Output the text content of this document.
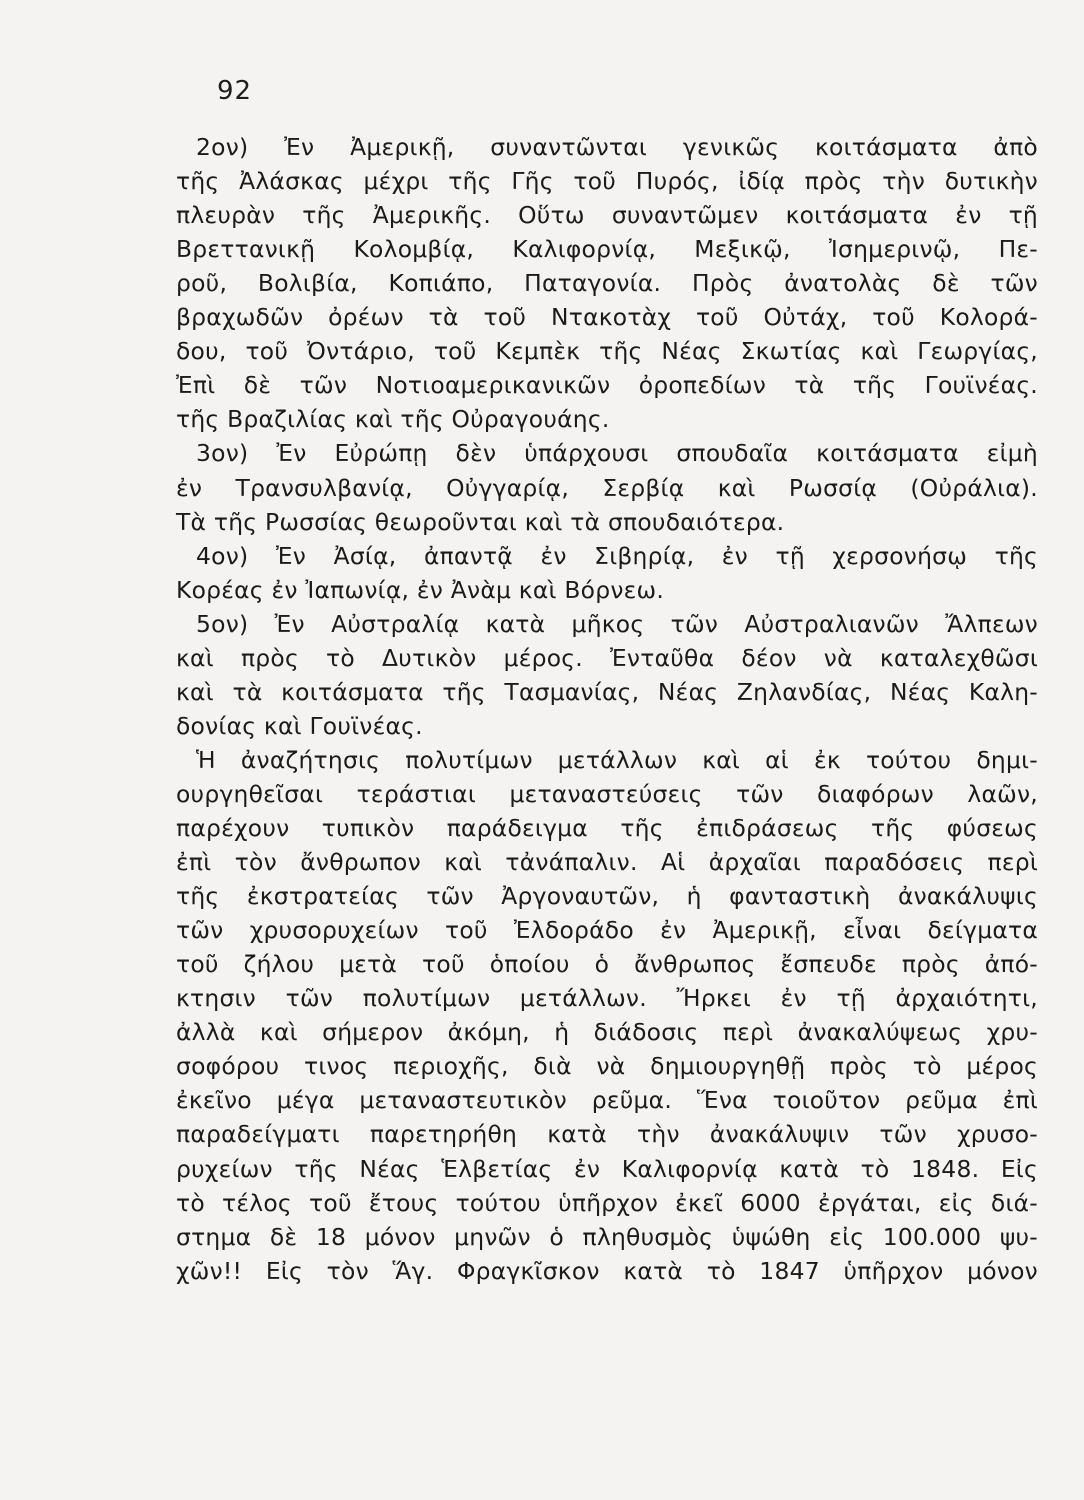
92
2ον) Ἐν Ἀμερικῇ, συναντῶνται γενικῶς κοιτάσματα ἀπὸ
τῆς Ἀλάσκας μέχρι τῆς Γῆς τοῦ Πυρός, ἰδίᾳ πρὸς τὴν δυτικὴν
πλευρὰν τῆς Ἀμερικῆς. Οὕτω συναντῶμεν κοιτάσματα ἐν τῇ
Βρεττανικῇ Κολομβίᾳ, Καλιφορνίᾳ, Μεξικῷ, Ἰσημερινῷ, Πε-
ροῦ, Βολιβία, Κοπιάπο, Παταγονία. Πρὸς ἀνατολὰς δὲ τῶν
βραχωδῶν ὀρέων τὰ τοῦ Ντακοτὰχ τοῦ Οὐτάχ, τοῦ Κολορά-
δου, τοῦ Ὀντάριο, τοῦ Κεμπὲκ τῆς Νέας Σκωτίας καὶ Γεωργίας,
Ἐπὶ δὲ τῶν Νοτιοαμερικανικῶν ὀροπεδίων τὰ τῆς Γουϊνέας.
τῆς Βραζιλίας καὶ τῆς Οὐραγουάης.
3ον) Ἐν Εὐρώπῃ δὲν ὑπάρχουσι σπουδαῖα κοιτάσματα εἰμὴ
ἐν Τρανσυλβανίᾳ, Οὐγγαρίᾳ, Σερβίᾳ καὶ Ρωσσίᾳ (Οὐράλια).
Τὰ τῆς Ρωσσίας θεωροῦνται καὶ τὰ σπουδαιότερα.
4ον) Ἐν Ἀσίᾳ, ἀπαντᾷ ἐν Σιβηρίᾳ, ἐν τῇ χερσονήσῳ τῆς
Κορέας ἐν Ἰαπωνίᾳ, ἐν Ἀνὰμ καὶ Βόρνεω.
5ον) Ἐν Αὐστραλίᾳ κατὰ μῆκος τῶν Αὐστραλιανῶν Ἄλπεων
καὶ πρὸς τὸ Δυτικὸν μέρος. Ἐνταῦθα δέον νὰ καταλεχθῶσι
καὶ τὰ κοιτάσματα τῆς Τασμανίας, Νέας Ζηλανδίας, Νέας Καλη-
δονίας καὶ Γουϊνέας.
Ἡ ἀναζήτησις πολυτίμων μετάλλων καὶ αἱ ἐκ τούτου δημι-
ουργηθεῖσαι τεράστιαι μεταναστεύσεις τῶν διαφόρων λαῶν,
παρέχουν τυπικὸν παράδειγμα τῆς ἐπιδράσεως τῆς φύσεως
ἐπὶ τὸν ἄνθρωπον καὶ τἀνάπαλιν. Αἱ ἀρχαῖαι παραδόσεις περὶ
τῆς ἐκστρατείας τῶν Ἀργοναυτῶν, ἡ φανταστικὴ ἀνακάλυψις
τῶν χρυσορυχείων τοῦ Ἐλδοράδο ἐν Ἀμερικῇ, εἶναι δείγματα
τοῦ ζήλου μετὰ τοῦ ὁποίου ὁ ἄνθρωπος ἔσπευδε πρὸς ἀπό-
κτησιν τῶν πολυτίμων μετάλλων. Ἤρκει ἐν τῇ ἀρχαιότητι,
ἀλλὰ καὶ σήμερον ἀκόμη, ἡ διάδοσις περὶ ἀνακαλύψεως χρυ-
σοφόρου τινος περιοχῆς, διὰ νὰ δημιουργηθῇ πρὸς τὸ μέρος
ἐκεῖνο μέγα μεταναστευτικὸν ρεῦμα. Ἕνα τοιοῦτον ρεῦμα ἐπὶ
παραδείγματι παρετηρήθη κατὰ τὴν ἀνακάλυψιν τῶν χρυσο-
ρυχείων τῆς Νέας Ἑλβετίας ἐν Καλιφορνίᾳ κατὰ τὸ 1848. Εἰς
τὸ τέλος τοῦ ἔτους τούτου ὑπῆρχον ἐκεῖ 6000 ἐργάται, εἰς διά-
στημα δὲ 18 μόνον μηνῶν ὁ πληθυσμὸς ὑψώθη εἰς 100.000 ψυ-
χῶν!! Εἰς τὸν Ἅγ. Φραγκῖσκον κατὰ τὸ 1847 ὑπῆρχον μόνον
